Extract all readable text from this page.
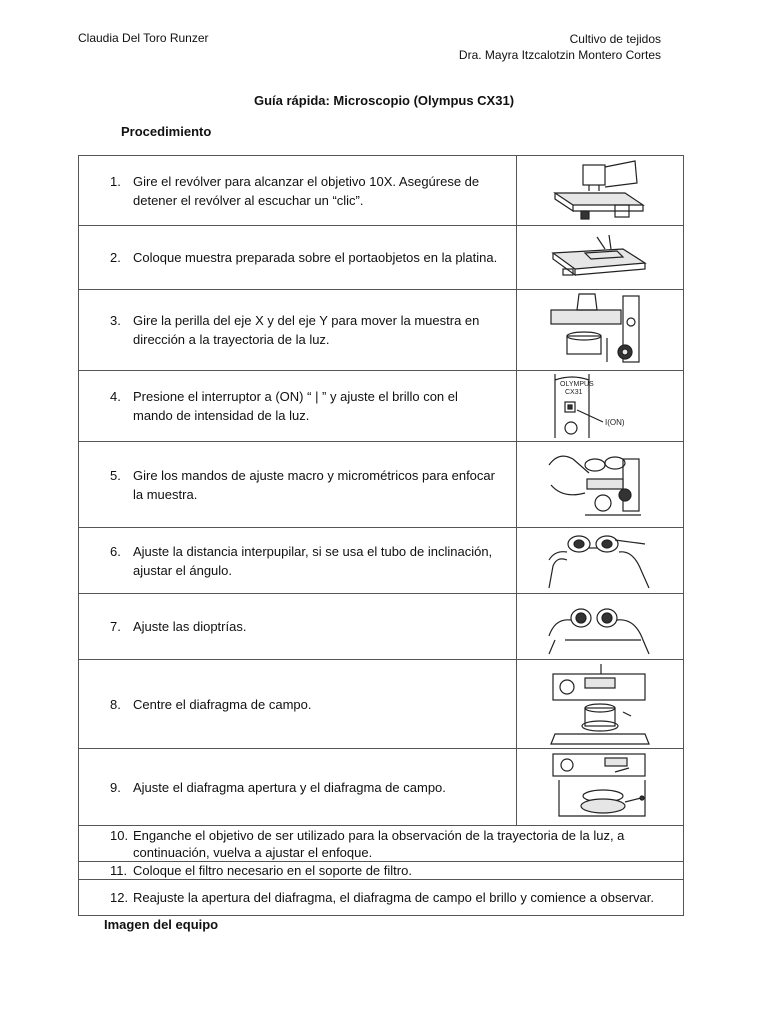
Claudia Del Toro Runzer	Cultivo de tejidos
Dra. Mayra Itzcalotzin Montero Cortes
Guía rápida: Microscopio (Olympus CX31)
Procedimiento
1. Gire el revólver para alcanzar el objetivo 10X. Asegúrese de detener el revólver al escuchar un “clic”.

2. Coloque muestra preparada sobre el portaobjetos en la platina.

3. Gire la perilla del eje X y del eje Y para mover la muestra en dirección a la trayectoria de la luz.

4. Presione el interruptor a (ON) “ | ” y ajuste el brillo con el mando de intensidad de la luz.	OLYMPUS
CX31
I(ON)

5. Gire los mandos de ajuste macro y micrométricos para enfocar la muestra.

6. Ajuste la distancia interpupilar, si se usa el tubo de inclinación, ajustar el ángulo.

7. Ajuste las dioptrías.

8. Centre el diafragma de campo.

9. Ajuste el diafragma apertura y el diafragma de campo.

10. Enganche el objetivo de ser utilizado para la observación de la trayectoria de la luz, a continuación, vuelva a ajustar el enfoque.	

11. Coloque el filtro necesario en el soporte de filtro.	

12. Reajuste la apertura del diafragma, el diafragma de campo el brillo y comience a observar.	
Imagen del equipo
